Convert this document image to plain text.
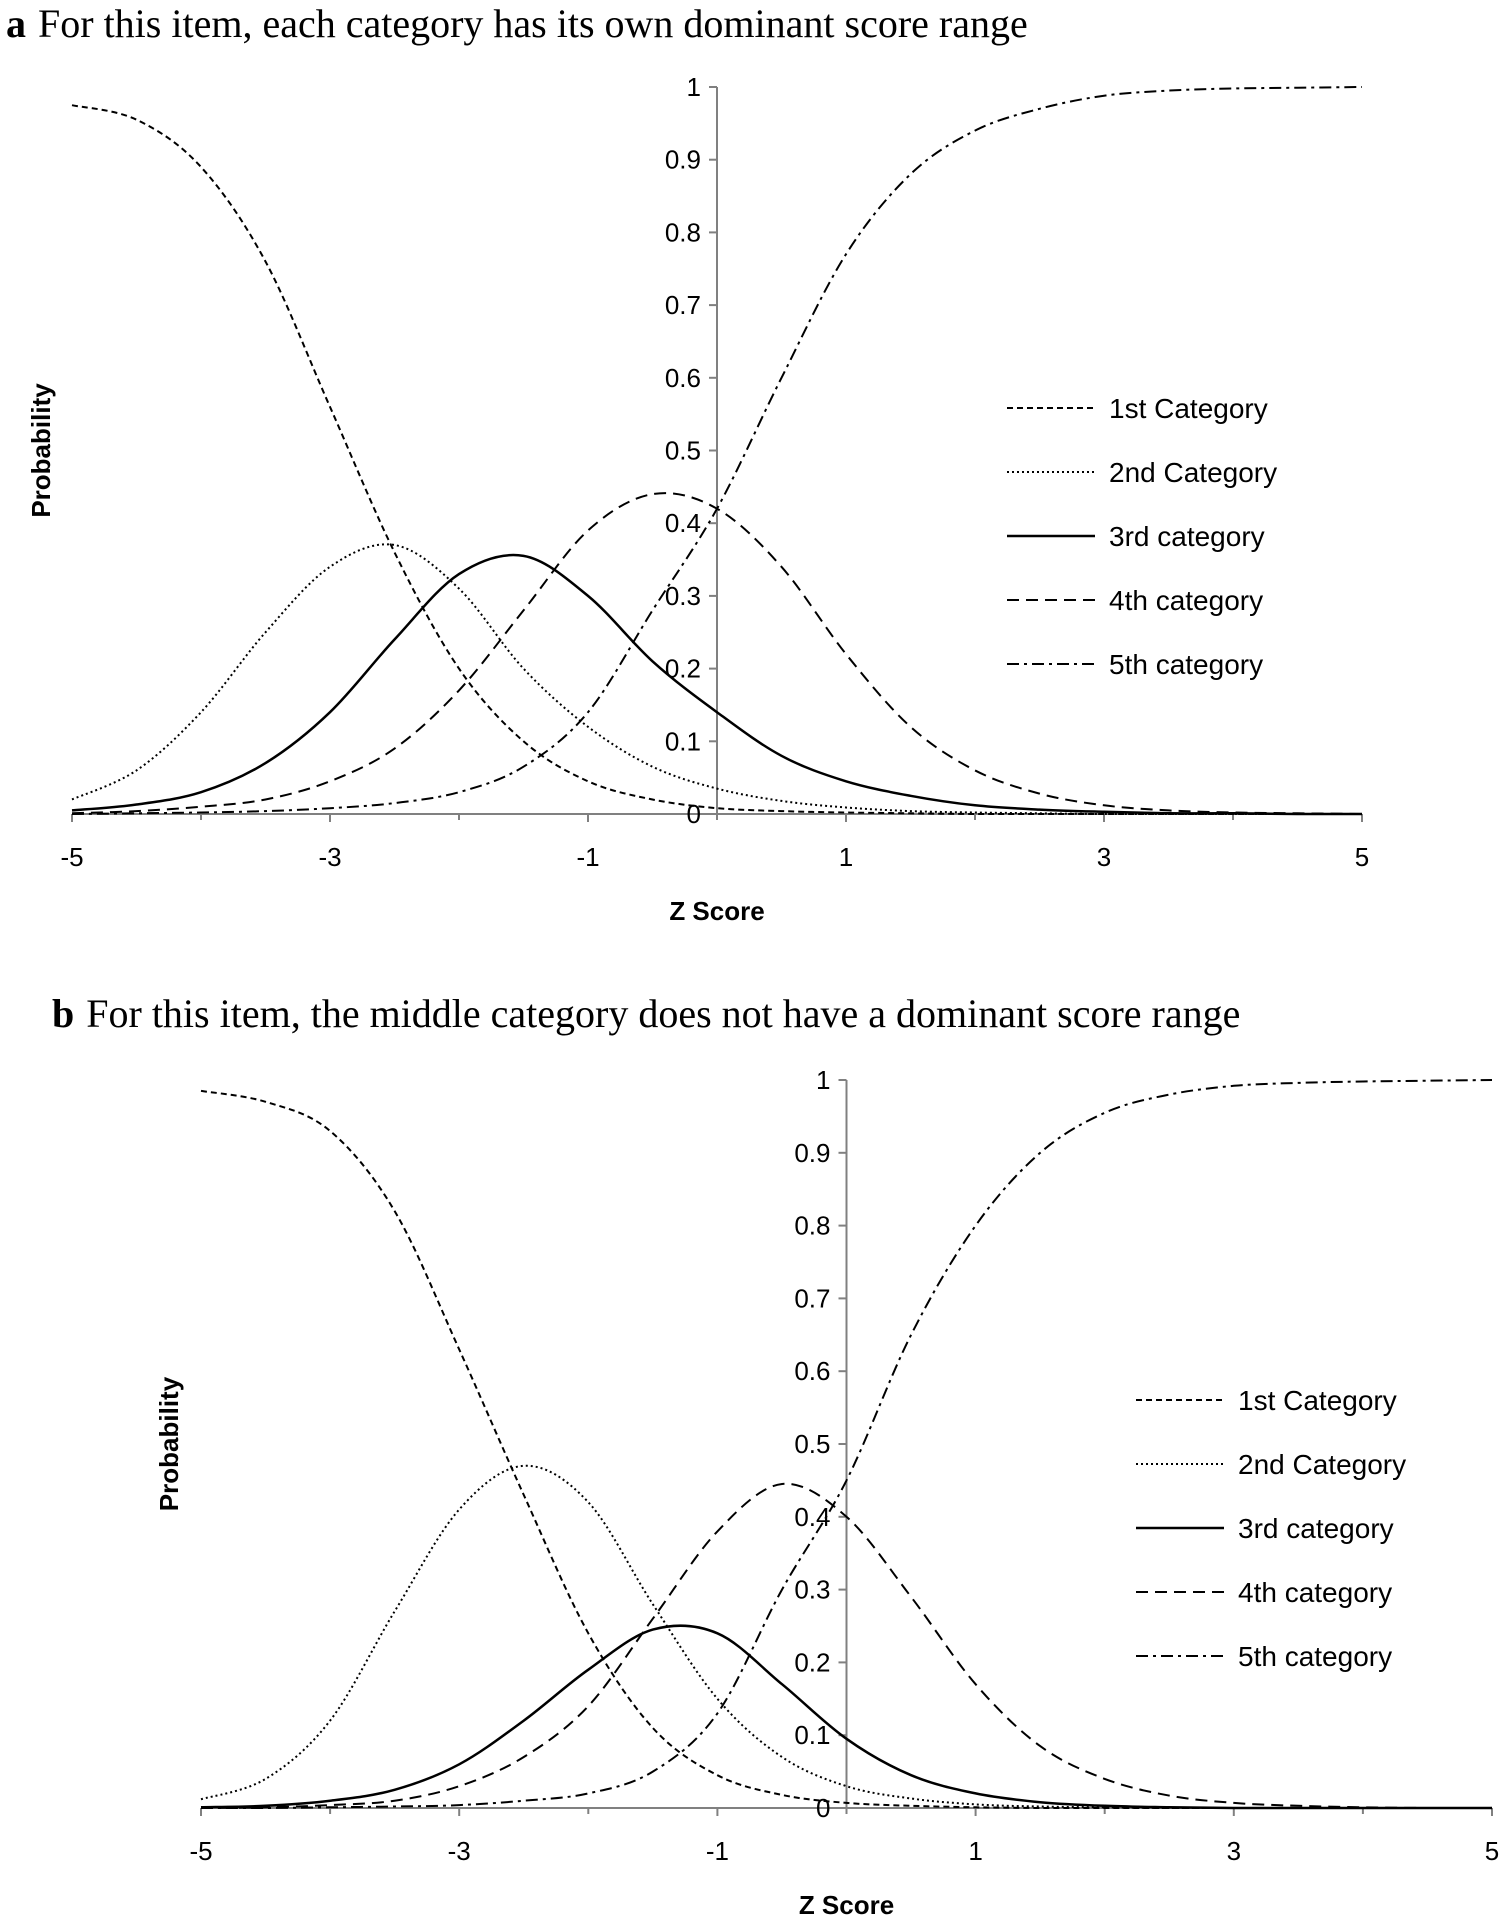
a For this item, each category has its own dominant score range
-5	-3	-1	1	3	5
0
0.1
0.2
0.3
0.4
0.5
0.6
0.7
0.8
0.9
1
Z Score
Probability	1st Category
2nd Category
3rd category
4th category
5th category
b For this item, the middle category does not have a dominant score range
-5	-3	-1	1	3	5
0
0.1
0.2
0.3
0.4
0.5
0.6
0.7
0.8
0.9
1
Z Score
Probability	1st Category
2nd Category
3rd category
4th category
5th category
